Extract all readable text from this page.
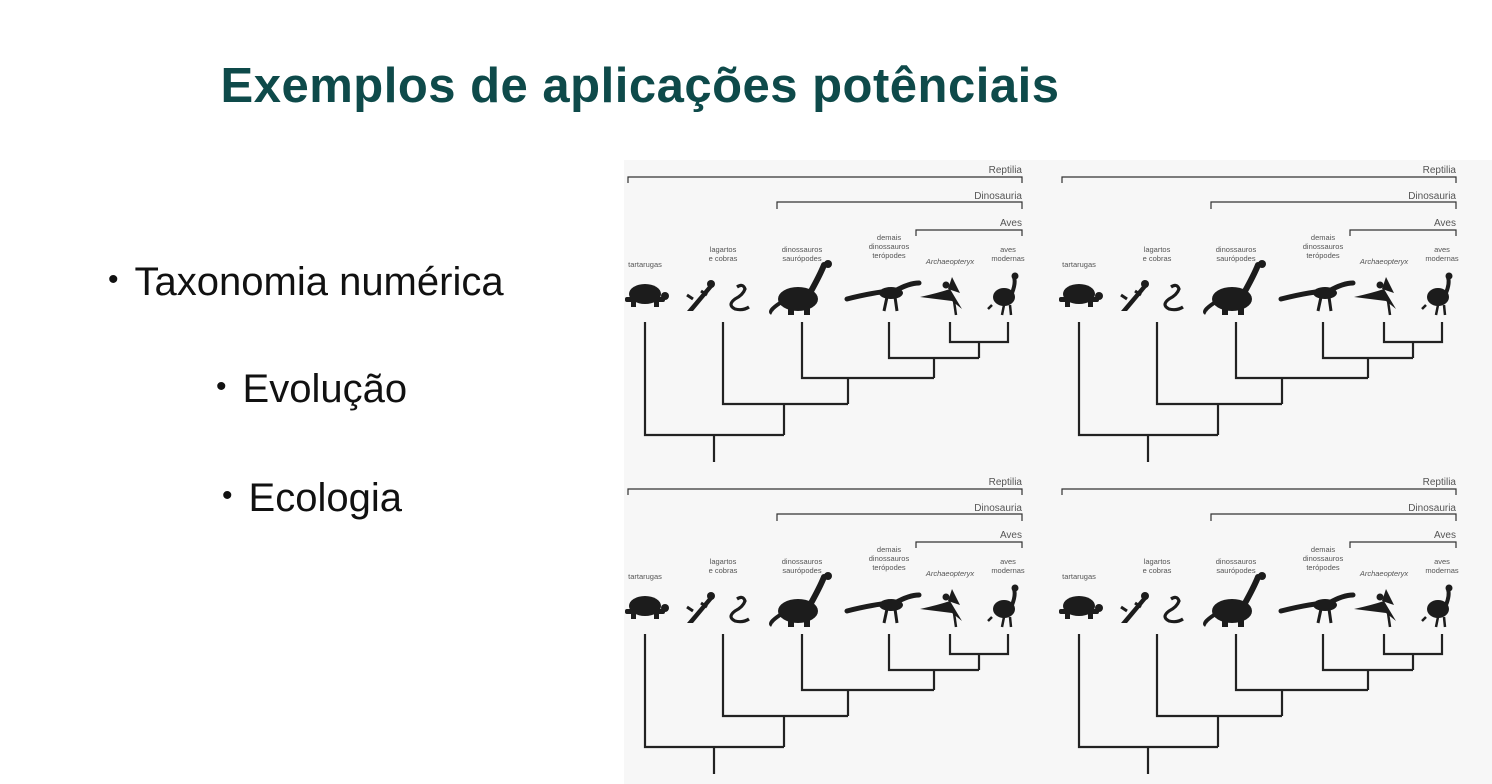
Exemplos de aplicações potênciais
• Taxonomia numérica
• Evolução
• Ecologia
Reptilia
Dinosauria
Aves
tartarugas
lagartos
e cobras
dinossauros
saurópodes
demais
dinossauros
terópodes
Archaeopteryx
aves
modernas
Reptilia
Dinosauria
Aves
tartarugas
lagartos
e cobras
dinossauros
saurópodes
demais
dinossauros
terópodes
Archaeopteryx
aves
modernas
Reptilia
Dinosauria
Aves
tartarugas
lagartos
e cobras
dinossauros
saurópodes
demais
dinossauros
terópodes
Archaeopteryx
aves
modernas
Reptilia
Dinosauria
Aves
tartarugas
lagartos
e cobras
dinossauros
saurópodes
demais
dinossauros
terópodes
Archaeopteryx
aves
modernas
